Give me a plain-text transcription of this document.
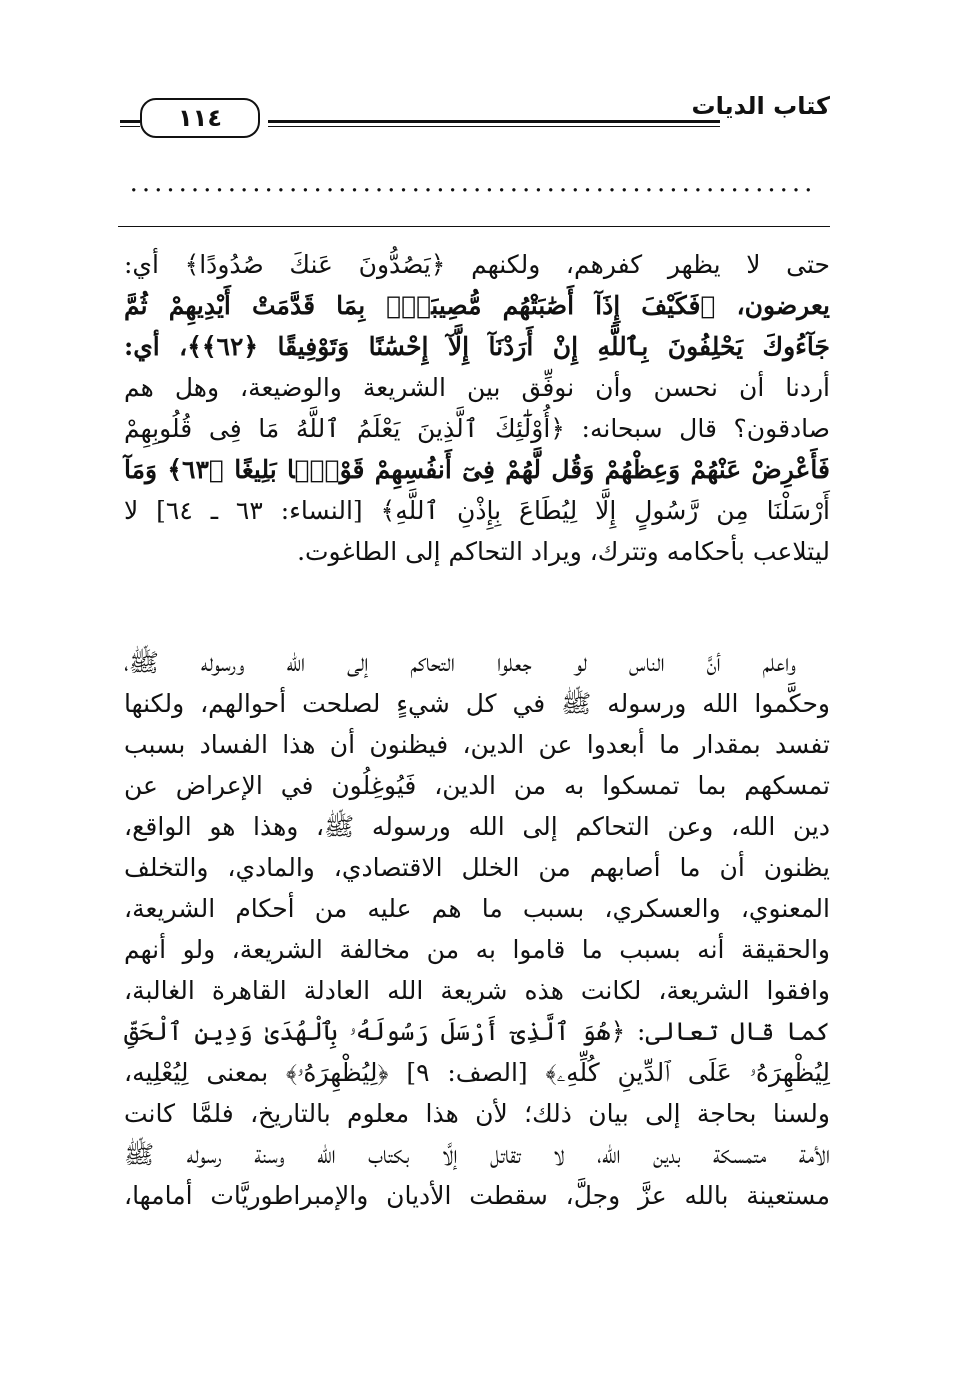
كتاب الديات
١١٤
........................................................
حتى لا يظهر كفرهم، ولكنهم ﴿يَصُدُّونَ عَنكَ صُدُودًا﴾ أي:
يعرضون، ﴿فَكَيْفَ إِذَآ أَصَٰبَتْهُم مُّصِيبَةٌۢ بِمَا قَدَّمَتْ أَيْدِيهِمْ ثُمَّ
جَآءُوكَ يَحْلِفُونَ بِٱللَّهِ إِنْ أَرَدْنَآ إِلَّآ إِحْسَٰنًا وَتَوْفِيقًا ﴿٦٢﴾﴾، أي:
أردنا أن نحسن وأن نوفِّق بين الشريعة والوضيعة، وهل هم
صادقون؟ قال سبحانه: ﴿أُوْلَٰٓئِكَ ٱلَّذِينَ يَعْلَمُ ٱللَّهُ مَا فِى قُلُوبِهِمْ
فَأَعْرِضْ عَنْهُمْ وَعِظْهُمْ وَقُل لَّهُمْ فِىٓ أَنفُسِهِمْ قَوْلًۢا بَلِيغًا ﴿٦٣﴾ وَمَآ
أَرْسَلْنَا مِن رَّسُولٍ إِلَّا لِيُطَاعَ بِإِذْنِ ٱللَّهِ﴾ [النساء: ٦٣ ـ ٦٤] لا
ليتلاعب بأحكامه وتترك، ويراد التحاكم إلى الطاغوت.
واعلم أنَّ الناس لو جعلوا التحاكم إلى الله ورسوله ﷺ،
وحكَّموا الله ورسوله ﷺ في كل شيءٍ لصلحت أحوالهم، ولكنها
تفسد بمقدار ما أبعدوا عن الدين، فيظنون أن هذا الفساد بسبب
تمسكهم بما تمسكوا به من الدين، فَيُوغِلُون في الإعراض عن
دين الله، وعن التحاكم إلى الله ورسوله ﷺ، وهذا هو الواقع،
يظنون أن ما أصابهم من الخلل الاقتصادي، والمادي، والتخلف
المعنوي، والعسكري، بسبب ما هم عليه من أحكام الشريعة،
والحقيقة أنه بسبب ما قاموا به من مخالفة الشريعة، ولو أنهم
وافقوا الشريعة، لكانت هذه شريعة الله العادلة القاهرة الغالبة،
كما قال تعالى: ﴿هُوَ ٱلَّذِىٓ أَرْسَلَ رَسُولَهُۥ بِٱلْهُدَىٰ وَدِينِ ٱلْحَقِّ
لِيُظْهِرَهُۥ عَلَى ٱلدِّينِ كُلِّهِۦ﴾ [الصف: ٩] ﴿لِيُظْهِرَهُۥ﴾ بمعنى لِيُعْلِيه،
ولسنا بحاجة إلى بيان ذلك؛ لأن هذا معلوم بالتاريخ، فلمَّا كانت
الأمة متمسكة بدين الله، لا تقاتل إلَّا بكتاب الله وسنة رسوله ﷺ
مستعينة بالله عزَّ وجلَّ، سقطت الأديان والإمبراطوريَّات أمامها،
